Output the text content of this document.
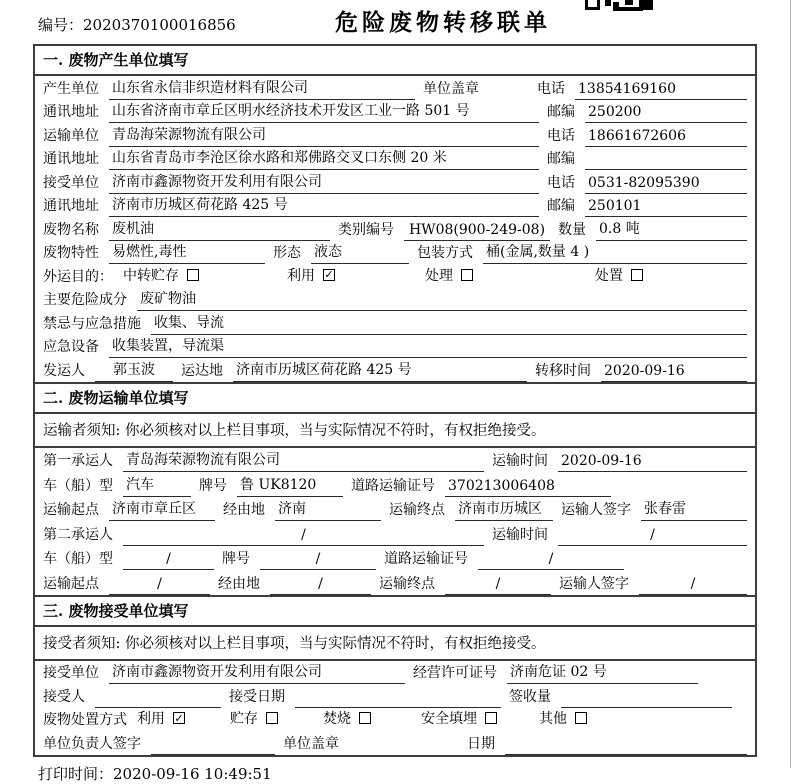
编号：2020370100016856	危险废物转移联单
一. 废物产生单位填写
产生单位 山东省永信非织造材料有限公司	单位盖章	电话 13854169160
通讯地址 山东省济南市章丘区明水经济技术开发区工业一路 501 号	邮编 250200
运输单位 青岛海荣源物流有限公司	电话 18661672606
通讯地址 山东省青岛市李沧区徐水路和郑佛路交叉口东侧 20 米	邮编
接受单位 济南市鑫源物资开发利用有限公司	电话 0531-82095390
通讯地址 济南市历城区荷花路 425 号	邮编 250101
废物名称 废机油	类别编号	HW08(900-249-08) 数量 0.8 吨
废物特性 易燃性,毒性	形态 液态	包装方式 桶(金属,数量 4 )
外运目的： 中转贮存	利用 ✓	处理	处置
主要危险成分 废矿物油
禁忌与应急措施 收集、导流
应急设备 收集装置，导流渠
发运人	郭玉波	运达地 济南市历城区荷花路 425 号	转移时间 2020-09-16
二. 废物运输单位填写
运输者须知: 你必须核对以上栏目事项，当与实际情况不符时，有权拒绝接受。
第一承运人 青岛海荣源物流有限公司	运输时间 2020-09-16
车（船）型 汽车	牌号 鲁 UK8120	道路运输证号 370213006408
运输起点 济南市章丘区	经由地 济南	运输终点 济南市历城区	运输人签字 张春雷
第二承运人	/	运输时间	/
车（船）型	/	牌号	/	道路运输证号	/
运输起点	/	经由地	/	运输终点	/	运输人签字	/
三. 废物接受单位填写
接受者须知: 你必须核对以上栏目事项，当与实际情况不符时，有权拒绝接受。
接受单位 济南市鑫源物资开发利用有限公司	经营许可证号 济南危证 02 号
接受人	接受日期	签收量
废物处置方式 利用 ✓	贮存	焚烧	安全填埋	其他
单位负责人签字	单位盖章	日期
打印时间：2020-09-16 10:49:51
